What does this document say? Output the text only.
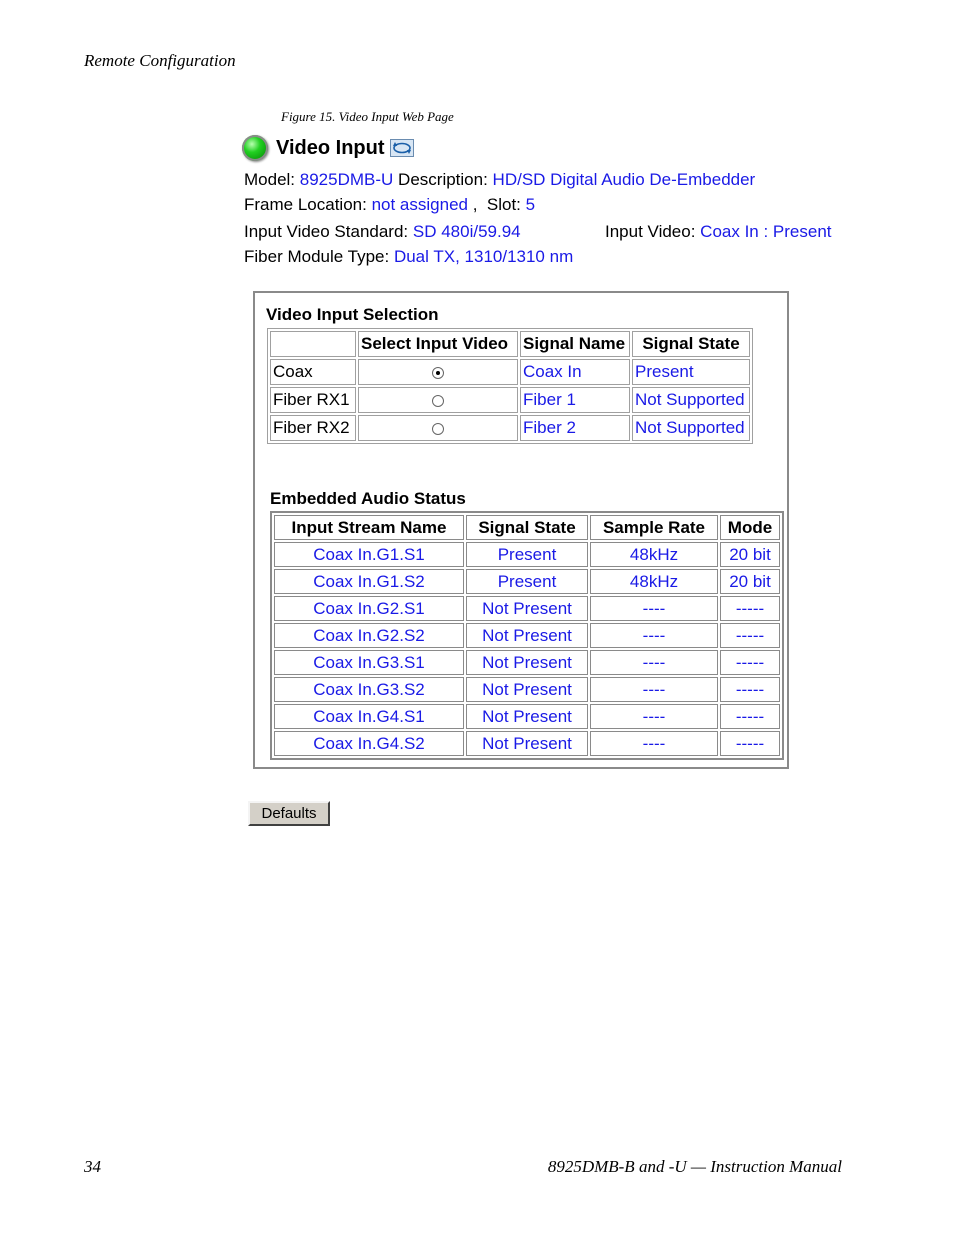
Remote Configuration
Figure 15. Video Input Web Page
Video Input
Model: 8925DMB-U Description: HD/SD Digital Audio De-Embedder
Frame Location: not assigned , Slot: 5
Input Video Standard: SD 480i/59.94	Input Video: Coax In : Present
Fiber Module Type: Dual TX, 1310/1310 nm
Video Input Selection
	Select Input Video	Signal Name	Signal State
Coax		Coax In	Present
Fiber RX1		Fiber 1	Not Supported
Fiber RX2		Fiber 2	Not Supported
Embedded Audio Status
Input Stream Name	Signal State	Sample Rate	Mode
Coax In.G1.S1	Present	48kHz	20 bit
Coax In.G1.S2	Present	48kHz	20 bit
Coax In.G2.S1	Not Present	----	-----
Coax In.G2.S2	Not Present	----	-----
Coax In.G3.S1	Not Present	----	-----
Coax In.G3.S2	Not Present	----	-----
Coax In.G4.S1	Not Present	----	-----
Coax In.G4.S2	Not Present	----	-----
Defaults
34	8925DMB-B and -U — Instruction Manual
